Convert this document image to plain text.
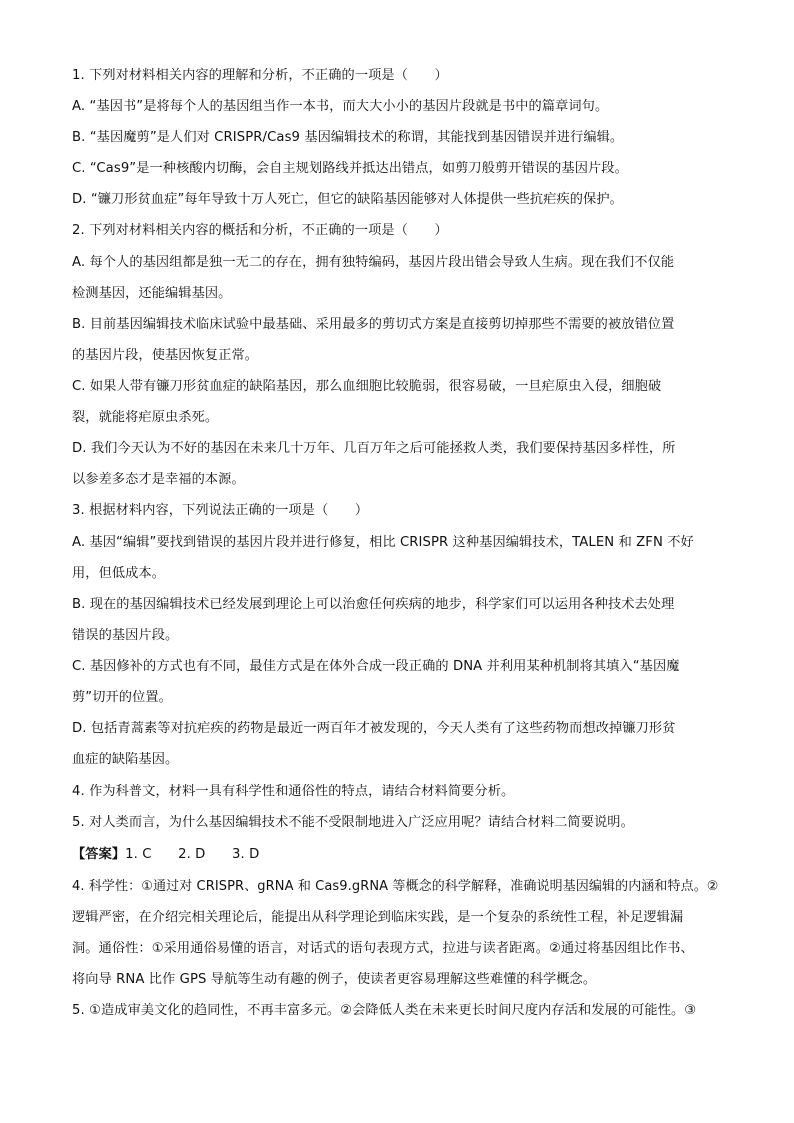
1. 下列对材料相关内容的理解和分析，不正确的一项是（　　）
A. “基因书”是将每个人的基因组当作一本书，而大大小小的基因片段就是书中的篇章词句。
B. “基因魔剪”是人们对 CRISPR/Cas9 基因编辑技术的称谓，其能找到基因错误并进行编辑。
C. “Cas9”是一种核酸内切酶，会自主规划路线并抵达出错点，如剪刀般剪开错误的基因片段。
D. “镰刀形贫血症”每年导致十万人死亡，但它的缺陷基因能够对人体提供一些抗疟疾的保护。
2. 下列对材料相关内容的概括和分析，不正确的一项是（　　）
A. 每个人的基因组都是独一无二的存在，拥有独特编码，基因片段出错会导致人生病。现在我们不仅能
检测基因，还能编辑基因。
B. 目前基因编辑技术临床试验中最基础、采用最多的剪切式方案是直接剪切掉那些不需要的被放错位置
的基因片段，使基因恢复正常。
C. 如果人带有镰刀形贫血症的缺陷基因，那么血细胞比较脆弱，很容易破，一旦疟原虫入侵，细胞破
裂，就能将疟原虫杀死。
D. 我们今天认为不好的基因在未来几十万年、几百万年之后可能拯救人类，我们要保持基因多样性，所
以参差多态才是幸福的本源。
3. 根据材料内容，下列说法正确的一项是（　　）
A. 基因“编辑”要找到错误的基因片段并进行修复，相比 CRISPR 这种基因编辑技术，TALEN 和 ZFN 不好
用，但低成本。
B. 现在的基因编辑技术已经发展到理论上可以治愈任何疾病的地步，科学家们可以运用各种技术去处理
错误的基因片段。
C. 基因修补的方式也有不同，最佳方式是在体外合成一段正确的 DNA 并利用某种机制将其填入“基因魔
剪”切开的位置。
D. 包括青蒿素等对抗疟疾的药物是最近一两百年才被发现的，今天人类有了这些药物而想改掉镰刀形贫
血症的缺陷基因。
4. 作为科普文，材料一具有科学性和通俗性的特点，请结合材料简要分析。
5. 对人类而言，为什么基因编辑技术不能不受限制地进入广泛应用呢？请结合材料二简要说明。
【答案】1. C　　2. D　　3. D
4. 科学性：①通过对 CRISPR、gRNA 和 Cas9.gRNA 等概念的科学解释，准确说明基因编辑的内涵和特点。②
逻辑严密，在介绍完相关理论后，能提出从科学理论到临床实践，是一个复杂的系统性工程，补足逻辑漏
洞。通俗性：①采用通俗易懂的语言，对话式的语句表现方式，拉进与读者距离。②通过将基因组比作书、
将向导 RNA 比作 GPS 导航等生动有趣的例子，使读者更容易理解这些难懂的科学概念。
5. ①造成审美文化的趋同性，不再丰富多元。②会降低人类在未来更长时间尺度内存活和发展的可能性。③
